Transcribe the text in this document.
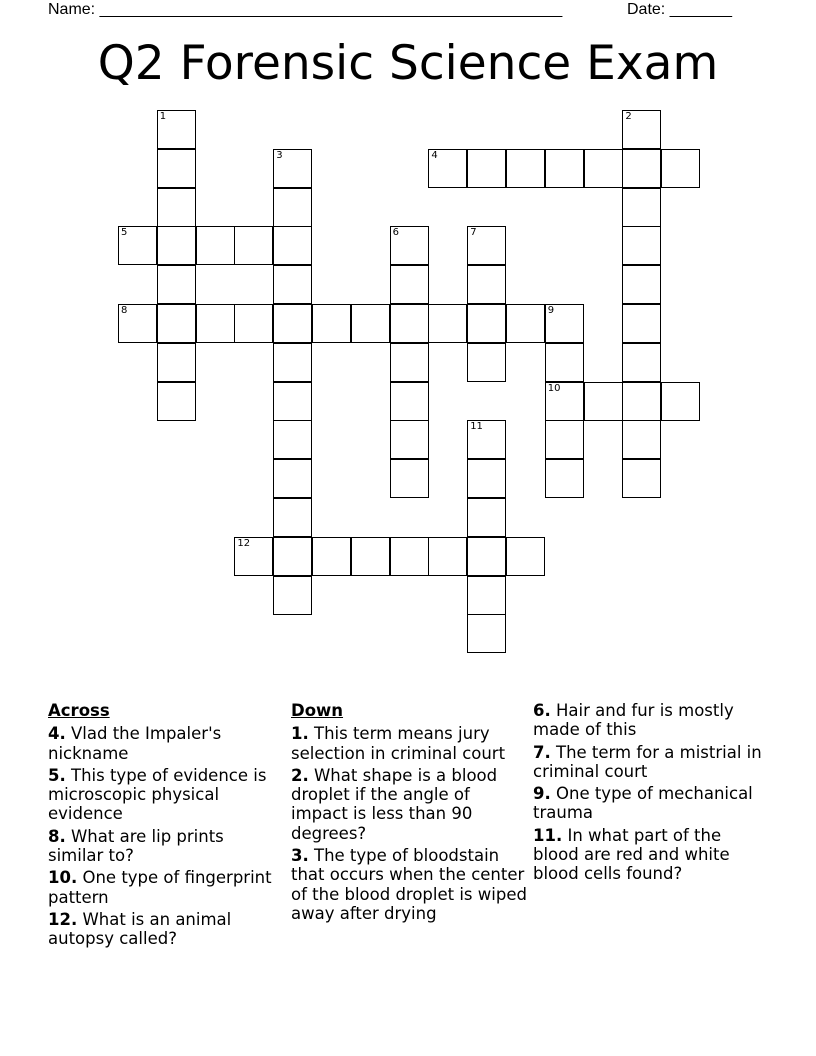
Name: ____________________________________________________	Date: _______
Q2 Forensic Science Exam
1	2
3	4
5	6	7
8	9
10
11
12
Across
4. Vlad the Impaler's nickname
5. This type of evidence is microscopic physical evidence
8. What are lip prints similar to?
10. One type of fingerprint pattern
12. What is an animal autopsy called?
Down
1. This term means jury selection in criminal court
2. What shape is a blood droplet if the angle of impact is less than 90 degrees?
3. The type of bloodstain that occurs when the center of the blood droplet is wiped away after drying
6. Hair and fur is mostly made of this
7. The term for a mistrial in criminal court
9. One type of mechanical trauma
11. In what part of the blood are red and white blood cells found?
